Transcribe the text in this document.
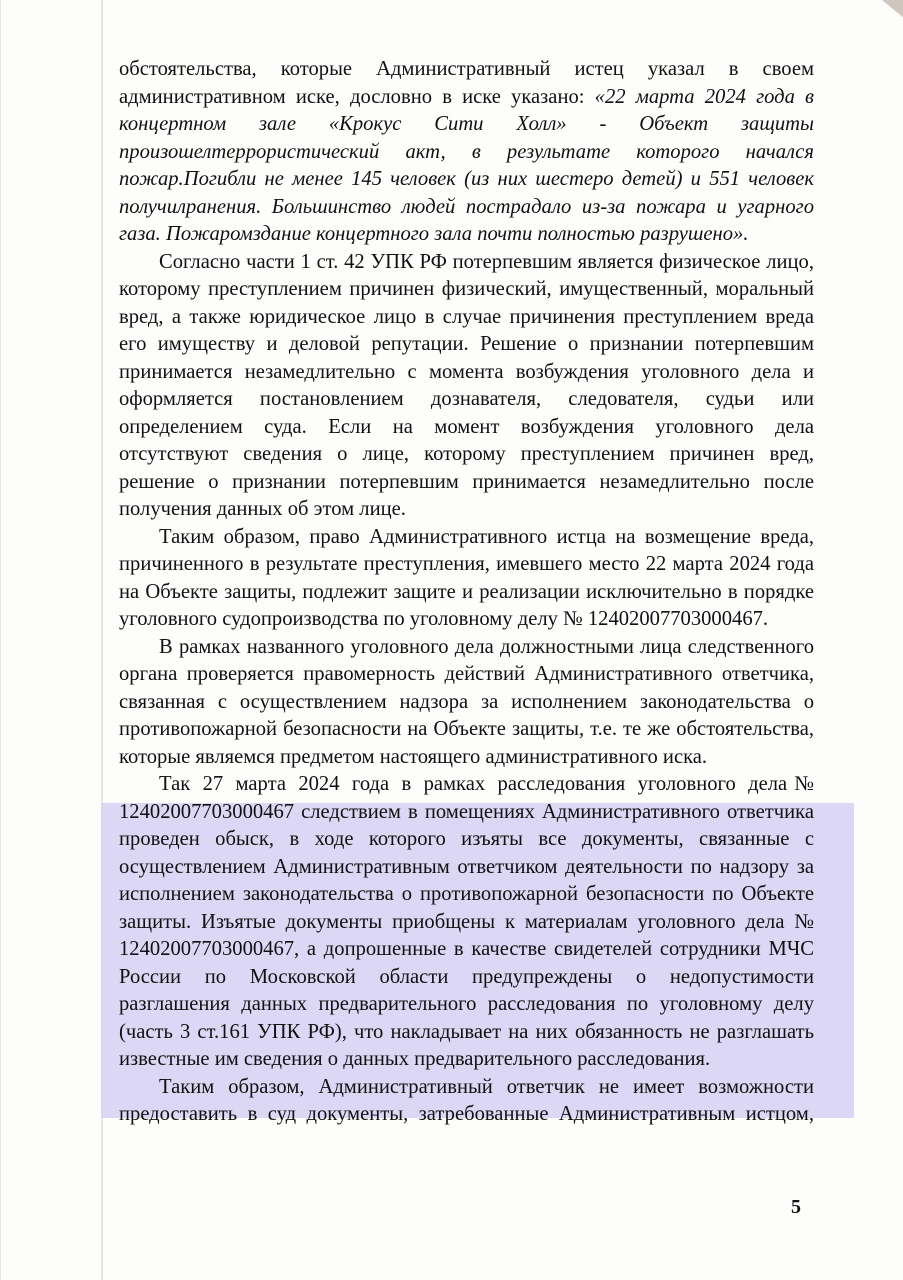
обстоятельства, которые Административный истец указал в своем административном иске, дословно в иске указано: «22 марта 2024 года в концертном зале «Крокус Сити Холл» - Объект защиты произошелтеррористический акт, в результате которого начался пожар.Погибли не менее 145 человек (из них шестеро детей) и 551 человек получилранения. Большинство людей пострадало из-за пожара и угарного газа. Пожаромздание концертного зала почти полностью разрушено».

Согласно части 1 ст. 42 УПК РФ потерпевшим является физическое лицо, которому преступлением причинен физический, имущественный, моральный вред, а также юридическое лицо в случае причинения преступлением вреда его имуществу и деловой репутации. Решение о признании потерпевшим принимается незамедлительно с момента возбуждения уголовного дела и оформляется постановлением дознавателя, следователя, судьи или определением суда. Если на момент возбуждения уголовного дела отсутствуют сведения о лице, которому преступлением причинен вред, решение о признании потерпевшим принимается незамедлительно после получения данных об этом лице.

Таким образом, право Административного истца на возмещение вреда, причиненного в результате преступления, имевшего место 22 марта 2024 года на Объекте защиты, подлежит защите и реализации исключительно в порядке уголовного судопроизводства по уголовному делу № 12402007703000467.

В рамках названного уголовного дела должностными лица следственного органа проверяется правомерность действий Административного ответчика, связанная с осуществлением надзора за исполнением законодательства о противопожарной безопасности на Объекте защиты, т.е. те же обстоятельства, которые являемся предметом настоящего административного иска.

Так 27 марта 2024 года в рамках расследования уголовного дела№ 12402007703000467 следствием в помещениях Административного ответчика проведен обыск, в ходе которого изъяты все документы, связанные с осуществлением Административным ответчиком деятельности по надзору за исполнением законодательства о противопожарной безопасности по Объекте защиты. Изъятые документы приобщены к материалам уголовного дела № 12402007703000467, а допрошенные в качестве свидетелей сотрудники МЧС России по Московской области предупреждены о недопустимости разглашения данных предварительного расследования по уголовному делу (часть 3 ст.161 УПК РФ), что накладывает на них обязанность не разглашать известные им сведения о данных предварительного расследования.

Таким образом, Административный ответчик не имеет возможности предоставить в суд документы, затребованные Административным истцом,

5
